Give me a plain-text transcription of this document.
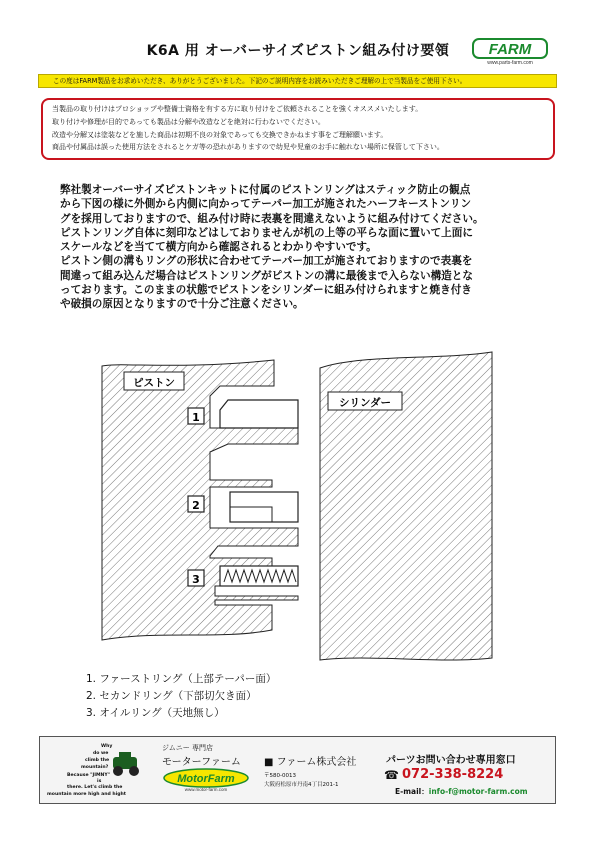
K6A 用 オーバーサイズピストン組み付け要領	FARM
www.parts-farm.com
この度はFARM製品をお求めいただき、ありがとうございました。下記のご説明内容をお読みいただきご理解の上で当製品をご使用下さい。
当製品の取り付けはプロショップや整備士資格を有する方に取り付けをご依頼されることを強くオススメいたします。
取り付けや修理が目的であっても製品は分解や改造などを絶対に行わないでください。
改造や分解又は塗装などを施した商品は初期不良の対象であっても交換できかねます事をご理解願います。
商品や付属品は誤った使用方法をされるとケガ等の恐れがありますので幼児や児童のお手に触れない場所に保管して下さい。
弊社製オーバーサイズピストンキットに付属のピストンリングはスティック防止の観点
から下図の様に外側から内側に向かってテーパー加工が施されたハーフキーストンリン
グを採用しておりますので、組み付け時に表裏を間違えないように組み付けてください。
ピストンリング自体に刻印などはしておりませんが机の上等の平らな面に置いて上面に
スケールなどを当てて横方向から確認されるとわかりやすいです。
ピストン側の溝もリングの形状に合わせてテーパー加工が施されておりますので表裏を
間違って組み込んだ場合はピストンリングがピストンの溝に最後まで入らない構造とな
っております。このままの状態でピストンをシリンダーに組み付けられますと焼き付き
や破損の原因となりますので十分ご注意ください。
ピストン
シリンダー
1
2
3
1. ファーストリング（上部テーパー面）
2. セカンドリング（下部切欠き面）
3. オイルリング（天地無し）
Why
do we
climb the
mountain?
Because "JIMNY"
is
there. Let's climb the
mountain more high and hight
ジムニー 専門店
モーターファーム
MotorFarm
www.motor-farm.com
■ ファーム株式会社
〒580-0013
大阪府松原市丹南4丁目201-1
パーツお問い合わせ専用窓口
☎ 072-338-8224
E-mail：info-f@motor-farm.com
